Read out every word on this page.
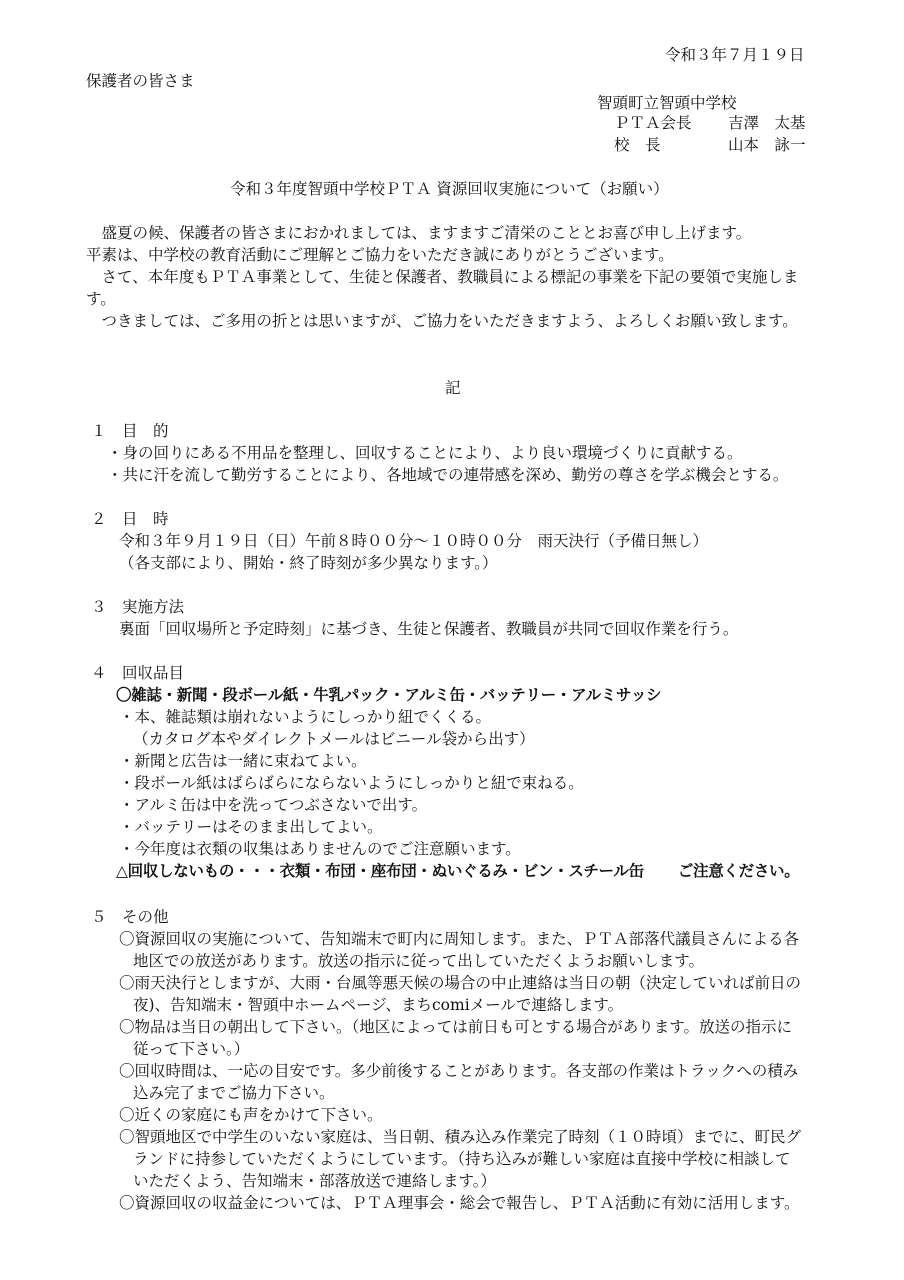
令和３年７月１９日
保護者の皆さま
智頭町立智頭中学校
ＰＴＡ会長 吉澤　太基
校　長	山本　詠一
令和３年度智頭中学校ＰＴＡ 資源回収実施について（お願い）
　盛夏の候、保護者の皆さまにおかれましては、ますますご清栄のこととお喜び申し上げます。
平素は、中学校の教育活動にご理解とご協力をいただき誠にありがとうございます。
　さて、本年度もＰＴＡ事業として、生徒と保護者、教職員による標記の事業を下記の要領で実施しま
す。
　つきましては、ご多用の折とは思いますが、ご協力をいただきますよう、よろしくお願い致します。
記
１　目　的
・身の回りにある不用品を整理し、回収することにより、より良い環境づくりに貢献する。
・共に汗を流して勤労することにより、各地域での連帯感を深め、勤労の尊さを学ぶ機会とする。
２　日　時
令和３年９月１９日（日）午前８時００分～１０時００分　雨天決行（予備日無し）
（各支部により、開始・終了時刻が多少異なります。）
３　実施方法
裏面「回収場所と予定時刻」に基づき、生徒と保護者、教職員が共同で回収作業を行う。
４　回収品目
〇雑誌・新聞・段ボール紙・牛乳パック・アルミ缶・バッテリー・アルミサッシ
・本、雑誌類は崩れないようにしっかり紐でくくる。
（カタログ本やダイレクトメールはビニール袋から出す）
・新聞と広告は一緒に束ねてよい。
・段ボール紙はばらばらにならないようにしっかりと紐で束ねる。
・アルミ缶は中を洗ってつぶさないで出す。
・バッテリーはそのまま出してよい。
・今年度は衣類の収集はありませんのでご注意願います。
△回収しないもの・・・衣類・布団・座布団・ぬいぐるみ・ビン・スチール缶 ご注意ください。
５　その他
〇資源回収の実施について、告知端末で町内に周知します。また、ＰＴＡ部落代議員さんによる各
地区での放送があります。放送の指示に従って出していただくようお願いします。
〇雨天決行としますが、大雨・台風等悪天候の場合の中止連絡は当日の朝（決定していれば前日の
夜)、告知端末・智頭中ホームページ、まちcomiメールで連絡します。
〇物品は当日の朝出して下さい。（地区によっては前日も可とする場合があります。放送の指示に
従って下さい。）
〇回収時間は、一応の目安です。多少前後することがあります。各支部の作業はトラックへの積み
込み完了までご協力下さい。
〇近くの家庭にも声をかけて下さい。
〇智頭地区で中学生のいない家庭は、当日朝、積み込み作業完了時刻（１０時頃）までに、町民グ
ランドに持参していただくようにしています。（持ち込みが難しい家庭は直接中学校に相談して
いただくよう、告知端末・部落放送で連絡します。）
〇資源回収の収益金については、ＰＴＡ理事会・総会で報告し、ＰＴＡ活動に有効に活用します。
